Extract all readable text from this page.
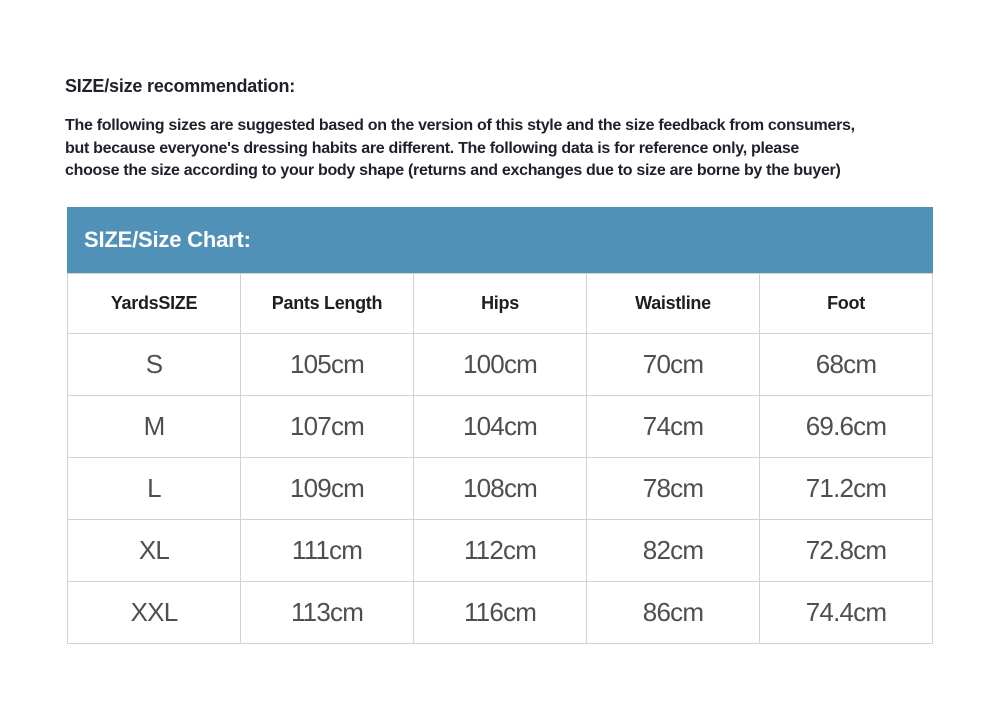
SIZE/size recommendation:
The following sizes are suggested based on the version of this style and the size feedback from consumers,
but because everyone's dressing habits are different. The following data is for reference only, please
choose the size according to your body shape (returns and exchanges due to size are borne by the buyer)
SIZE/Size Chart:
YardsSIZE	Pants Length	Hips	Waistline	Foot
S	105cm	100cm	70cm	68cm
M	107cm	104cm	74cm	69.6cm
L	109cm	108cm	78cm	71.2cm
XL	111cm	112cm	82cm	72.8cm
XXL	113cm	116cm	86cm	74.4cm
